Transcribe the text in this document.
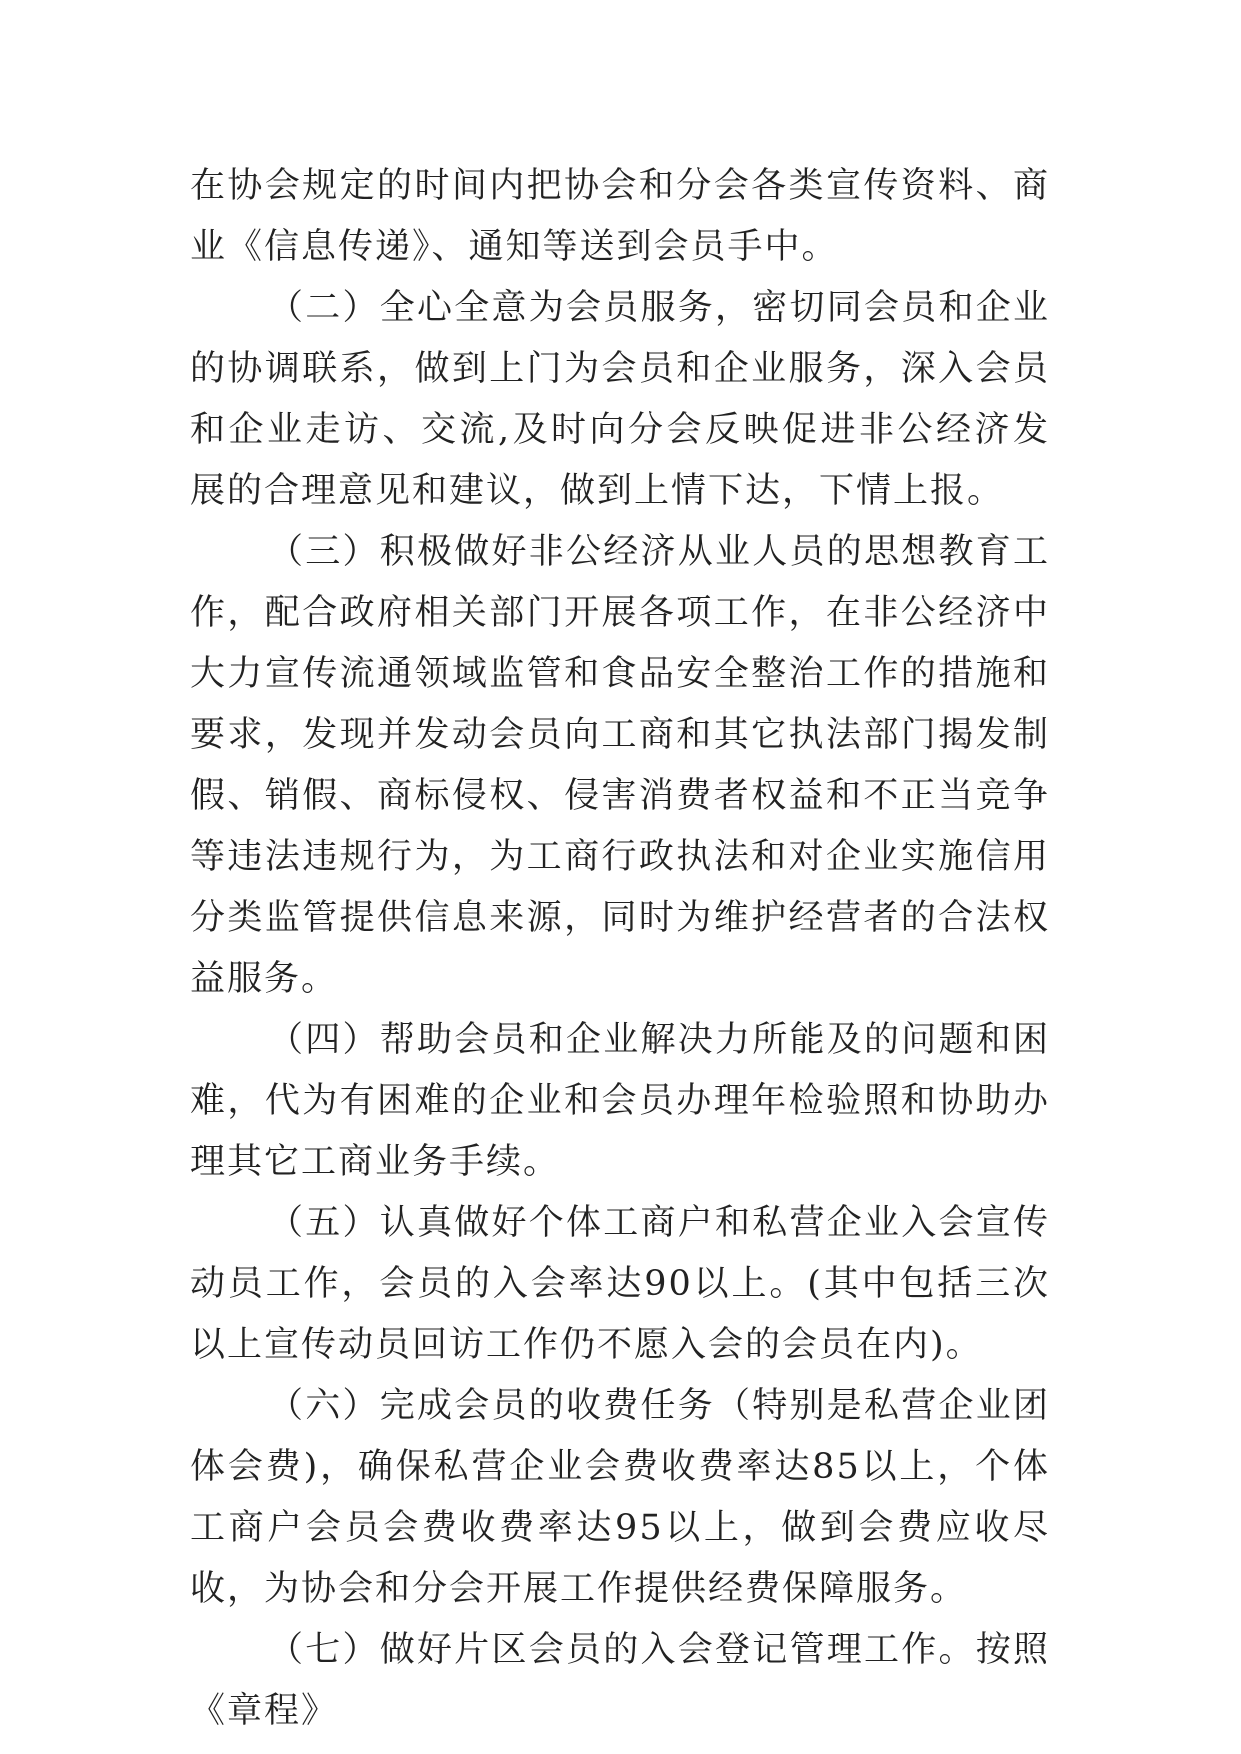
在协会规定的时间内把协会和分会各类宣传资料、商业《信息传递》、通知等送到会员手中。

（二）全心全意为会员服务，密切同会员和企业的协调联系，做到上门为会员和企业服务，深入会员和企业走访、交流,及时向分会反映促进非公经济发展的合理意见和建议，做到上情下达，下情上报。

（三）积极做好非公经济从业人员的思想教育工作，配合政府相关部门开展各项工作，在非公经济中大力宣传流通领域监管和食品安全整治工作的措施和要求，发现并发动会员向工商和其它执法部门揭发制假、销假、商标侵权、侵害消费者权益和不正当竞争等违法违规行为，为工商行政执法和对企业实施信用分类监管提供信息来源，同时为维护经营者的合法权益服务。

（四）帮助会员和企业解决力所能及的问题和困难，代为有困难的企业和会员办理年检验照和协助办理其它工商业务手续。

（五）认真做好个体工商户和私营企业入会宣传动员工作，会员的入会率达90以上。(其中包括三次以上宣传动员回访工作仍不愿入会的会员在内)。

（六）完成会员的收费任务（特别是私营企业团体会费)，确保私营企业会费收费率达85以上，个体工商户会员会费收费率达95以上，做到会费应收尽收，为协会和分会开展工作提供经费保障服务。

（七）做好片区会员的入会登记管理工作。按照《章程》
